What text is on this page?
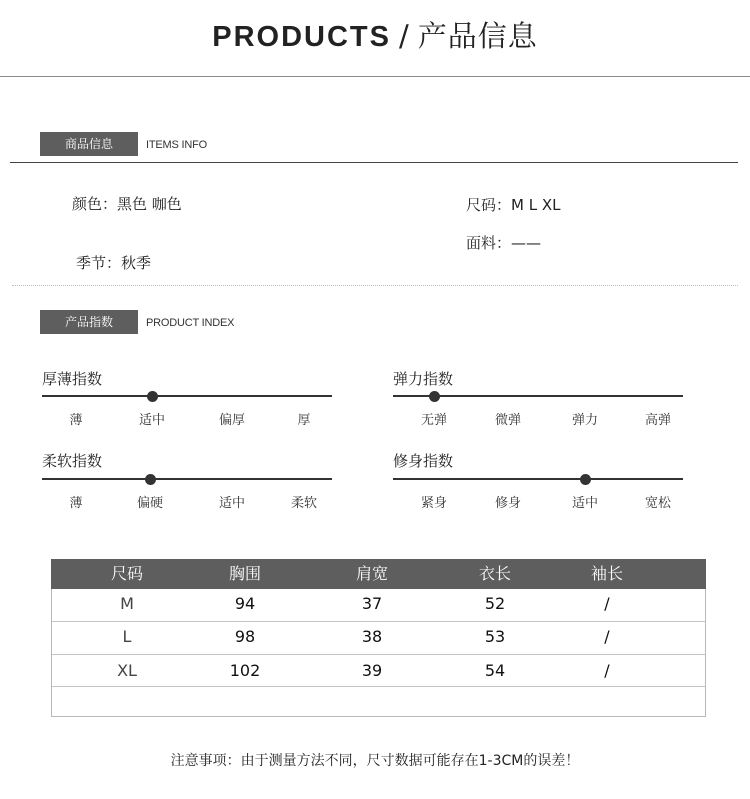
PRODUCTS / 产品信息
商品信息	ITEMS INFO
颜色：黑色 咖色
季节：秋季
尺码：M L XL
面料：——
产品指数	PRODUCT INDEX
厚薄指数
薄	适中	偏厚	厚
弹力指数
无弹	微弹	弹力	高弹
柔软指数
薄	偏硬	适中	柔软
修身指数
紧身	修身	适中	宽松
尺码	胸围	肩宽	衣长	袖长
M	94	37	52	/
L	98	38	53	/
XL	102	39	54	/
注意事项：由于测量方法不同，尺寸数据可能存在1-3CM的误差！
